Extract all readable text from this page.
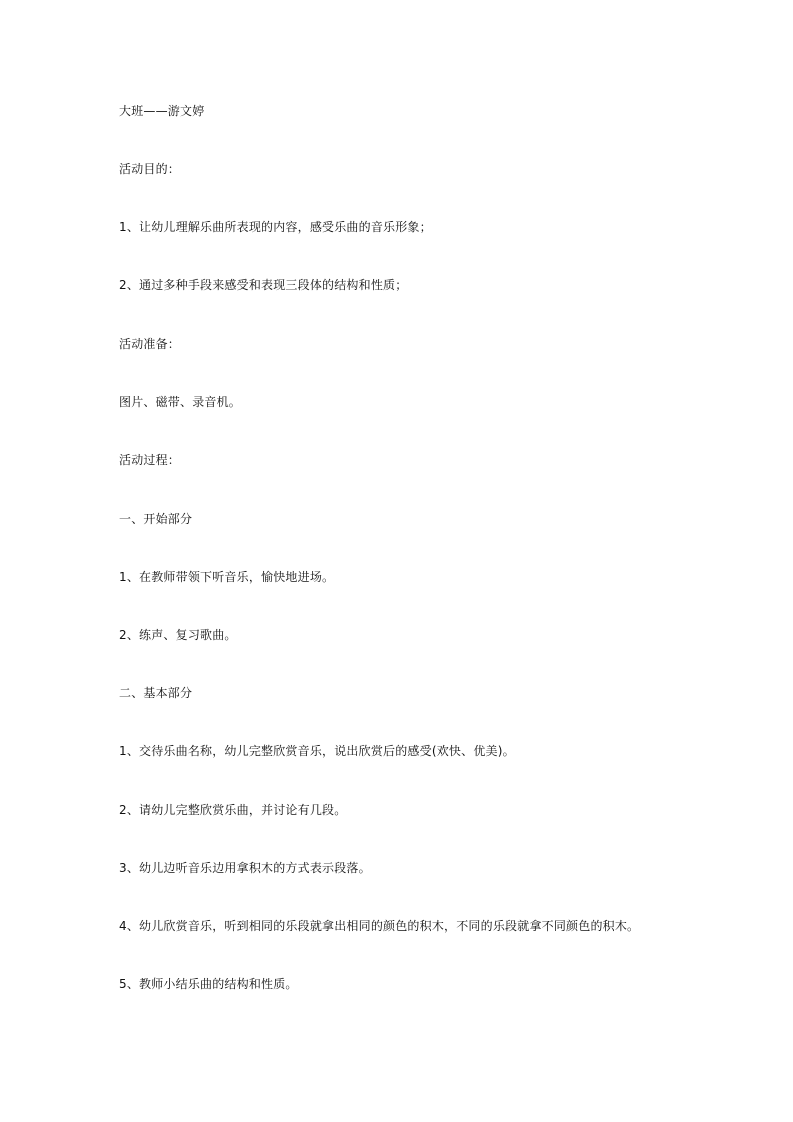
大班——游文婷
活动目的：
1、让幼儿理解乐曲所表现的内容，感受乐曲的音乐形象；
2、通过多种手段来感受和表现三段体的结构和性质；
活动准备：
图片、磁带、录音机。
活动过程：
一、开始部分
1、在教师带领下听音乐，愉快地进场。
2、练声、复习歌曲。
二、基本部分
1、交待乐曲名称，幼儿完整欣赏音乐，说出欣赏后的感受(欢快、优美)。
2、请幼儿完整欣赏乐曲，并讨论有几段。
3、幼儿边听音乐边用拿积木的方式表示段落。
4、幼儿欣赏音乐，听到相同的乐段就拿出相同的颜色的积木，不同的乐段就拿不同颜色的积木。
5、教师小结乐曲的结构和性质。
